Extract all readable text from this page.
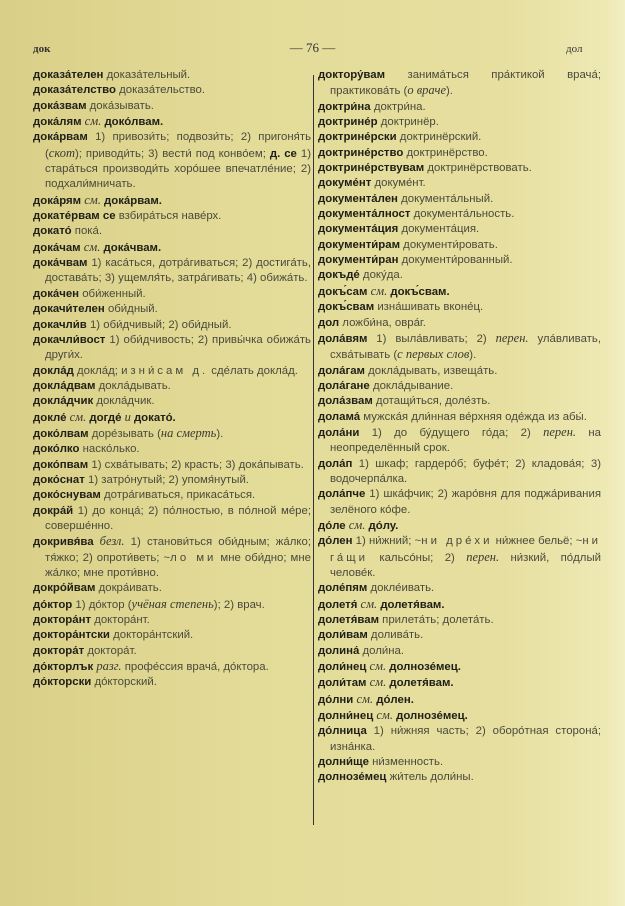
док	— 76 —	дол
доказа́телен доказа́тельный.
доказа́телство доказа́тельство.
дока́звам дока́зывать.
дока́лям см. доко́лвам.
дока́рвам 1) привози́ть; подвози́ть; 2) пригоня́ть (скот); приводи́ть; 3) вести́ под конво́ем; д. се 1) стара́ться производи́ть хоро́шее впечатле́ние; 2) подхали́мничать.
дока́рям см. дока́рвам.
докате́рвам се взбира́ться наве́рх.
докато́ пока́.
дока́чам см. дока́чвам.
дока́чвам 1) каса́ться, дотра́гиваться; 2) достига́ть, достава́ть; 3) ущемля́ть, затра́гивать; 4) обижа́ть.
дока́чен оби́женный.
докачи́телен оби́дный.
докачли́в 1) оби́дчивый; 2) оби́дный.
докачли́вост 1) оби́дчивость; 2) привы́чка обижа́ть други́х.
докла́д докла́д; изни́сам д. сде́лать докла́д.
докла́двам докла́дывать.
докла́дчик докла́дчик.
докле́ см. догде́ и докато́.
доко́лвам доре́зывать (на смерть).
доко́лко наско́лько.
доко́пвам 1) схва́тывать; 2) красть; 3) дока́пывать.
доко́снат 1) затро́нутый; 2) упомя́нутый.
доко́снувам дотра́гиваться, прикаса́ться.
докра́й 1) до конца́; 2) по́лностью, в по́лной ме́ре; соверше́нно.
докривя́ва безл. 1) станови́ться оби́дным; жа́лко; тя́жко; 2) опроти́веть; ~ло ми мне оби́дно; мне жа́лко; мне проти́вно.
докро́йвам докра́ивать.
до́ктор 1) до́ктор (учёная степень); 2) врач.
доктора́нт доктора́нт.
доктора́нтски доктора́нтский.
доктора́т доктора́т.
до́кторлък разг. профе́ссия врача́, до́ктора.
до́кторски до́кторский.
доктору́вам занима́ться пра́ктикой врача́; практикова́ть (о враче).
доктри́на доктри́на.
доктрине́р доктринёр.
доктрине́рски доктринёрский.
доктрине́рство доктринёрство.
доктрине́рствувам доктринёрствовать.
докуме́нт докуме́нт.
документа́лен документа́льный.
документа́лност документа́льность.
документа́ция документа́ция.
документи́рам документи́ровать.
документи́ран документи́рованный.
докъде́ доку́да.
докъ́сам см. докъ́свам.
докъ́свам изна́шивать вконе́ц.
дол ложби́на, овра́г.
дола́вям 1) выла́вливать; 2) перен. ула́вливать, схва́тывать (с первых слов).
дола́гам докла́дывать, извеща́ть.
дола́гане докла́дывание.
дола́звам дотащи́ться, доле́зть.
долама́ мужска́я дли́нная ве́рхняя оде́жда из абы́.
дола́ни 1) до бу́дущего го́да; 2) перен. на неопределённый срок.
дола́п 1) шкаф; гардеро́б; буфе́т; 2) кладова́я; 3) водочерпа́лка.
дола́пче 1) шка́фчик; 2) жаро́вня для поджа́ривания зелёного ко́фе.
до́ле см. до́лу.
до́лен 1) ни́жний; ~ни дре́хи ни́жнее бельё; ~ни га́щи кальсо́ны; 2) перен. ни́зкий, по́длый челове́к.
доле́пям докле́ивать.
долетя́ см. долетя́вам.
долетя́вам прилета́ть; долета́ть.
доли́вам долива́ть.
долина́ доли́на.
доли́нец см. долнозе́мец.
доли́там см. долетя́вам.
до́лни см. до́лен.
долни́нец см. долнозе́мец.
до́лница 1) ни́жняя часть; 2) оборо́тная сторона́; изна́нка.
долни́ще ни́зменность.
долнозе́мец жи́тель доли́ны.
